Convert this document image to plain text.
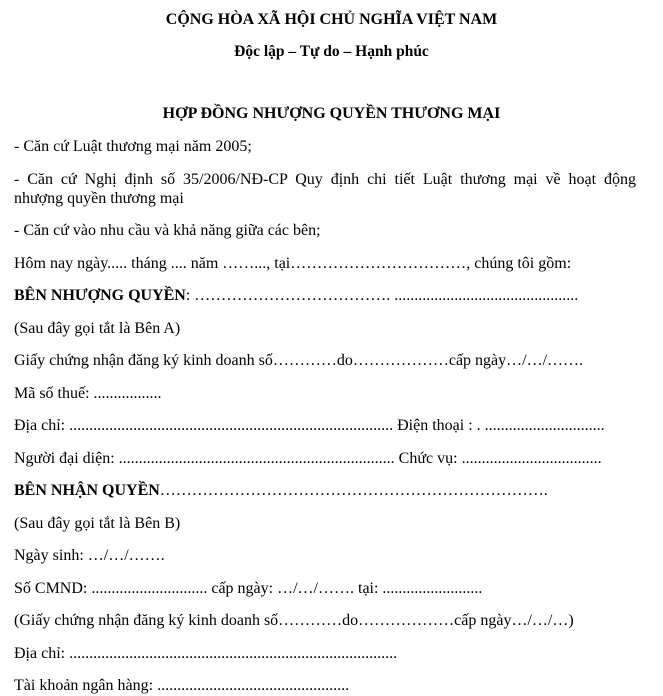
CỘNG HÒA XÃ HỘI CHỦ NGHĨA VIỆT NAM
Độc lập – Tự do – Hạnh phúc
HỢP ĐỒNG NHƯỢNG QUYỀN THƯƠNG MẠI
- Căn cứ Luật thương mại năm 2005;
- Căn cứ Nghị định số 35/2006/NĐ-CP Quy định chi tiết Luật thương mại về hoạt động
nhượng quyền thương mại
- Căn cứ vào nhu cầu và khả năng giữa các bên;
Hôm nay ngày..... tháng .... năm ……..., tại……………………………, chúng tôi gồm:
BÊN NHƯỢNG QUYỀN: ………………………………. ..............................................
(Sau đây gọi tắt là Bên A)
Giấy chứng nhận đăng ký kinh doanh số…………do………………cấp ngày…/…/…….
Mã số thuế: .................
Địa chỉ: ................................................................................. Điện thoại : . ..............................
Người đại diện: ..................................................................... Chức vụ: ...................................
BÊN NHẬN QUYỀN……………………………………………………………….
(Sau đây gọi tắt là Bên B)
Ngày sinh: …/…/…….
Số CMND: ............................. cấp ngày: …/…/……. tại: .........................
(Giấy chứng nhận đăng ký kinh doanh số…………do………………cấp ngày…/…/…)
Địa chỉ: ..................................................................................
Tài khoản ngân hàng: ................................................
